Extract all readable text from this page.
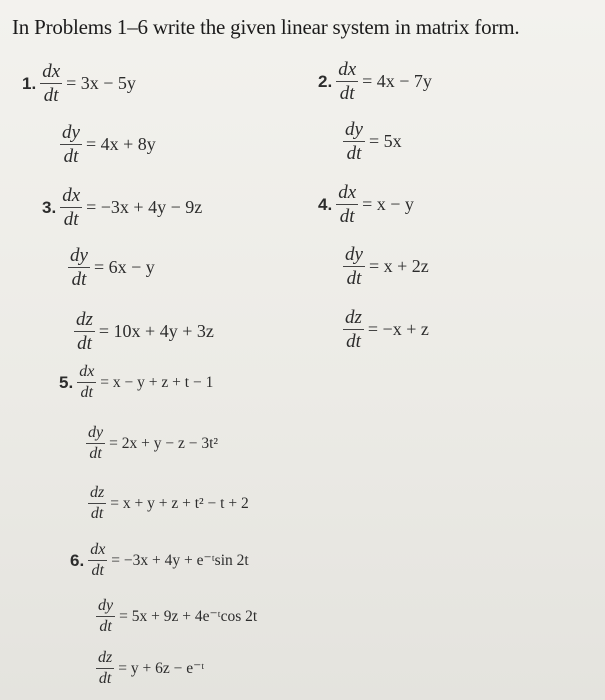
In Problems 1–6 write the given linear system in matrix form.
1. $\frac{dx}{dt} = 3x - 5y$
$\frac{dy}{dt} = 4x + 8y$
2. $\frac{dx}{dt} = 4x - 7y$
$\frac{dy}{dt} = 5x$
3. $\frac{dx}{dt} = -3x + 4y - 9z$
$\frac{dy}{dt} = 6x - y$
$\frac{dz}{dt} = 10x + 4y + 3z$
4. $\frac{dx}{dt} = x - y$
$\frac{dy}{dt} = x + 2z$
$\frac{dz}{dt} = -x + z$
5. $\frac{dx}{dt} = x - y + z + t - 1$
$\frac{dy}{dt} = 2x + y - z - 3t^2$
$\frac{dz}{dt} = x + y + z + t^2 - t + 2$
6. $\frac{dx}{dt} = -3x + 4y$ + e⁻ᵗsin 2t
$\frac{dy}{dt} = 5x + 9z$ + 4e⁻ᵗcos 2t
$\frac{dz}{dt} = y + 6z$ − e⁻ᵗ
